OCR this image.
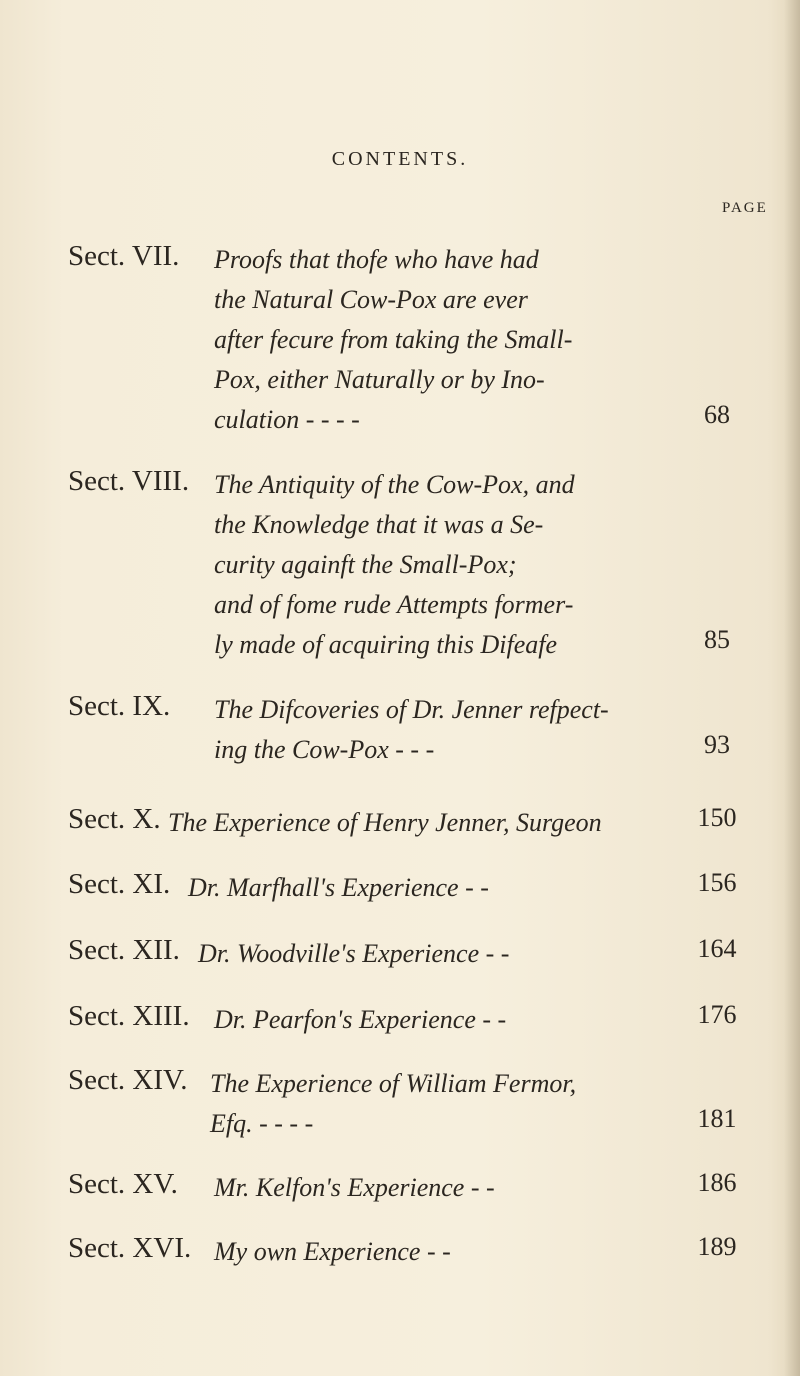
CONTENTS.
PAGE
Sect. VII. Proofs that thofe who have had
the Natural Cow-Pox are ever
after fecure from taking the Small-
Pox, either Naturally or by Ino-
culation - - - -	68
Sect. VIII. The Antiquity of the Cow-Pox, and
the Knowledge that it was a Se-
curity againft the Small-Pox;
and of fome rude Attempts former-
ly made of acquiring this Difeafe	85
Sect. IX. The Difcoveries of Dr. Jenner refpect-
ing the Cow-Pox - - -	93
Sect. X. The Experience of Henry Jenner, Surgeon	150
Sect. XI. Dr. Marfhall's Experience - -	156
Sect. XII. Dr. Woodville's Experience - -	164
Sect. XIII. Dr. Pearfon's Experience - -	176
Sect. XIV. The Experience of William Fermor,
Efq. - - - -	181
Sect. XV. Mr. Kelfon's Experience - -	186
Sect. XVI. My own Experience - -	189
